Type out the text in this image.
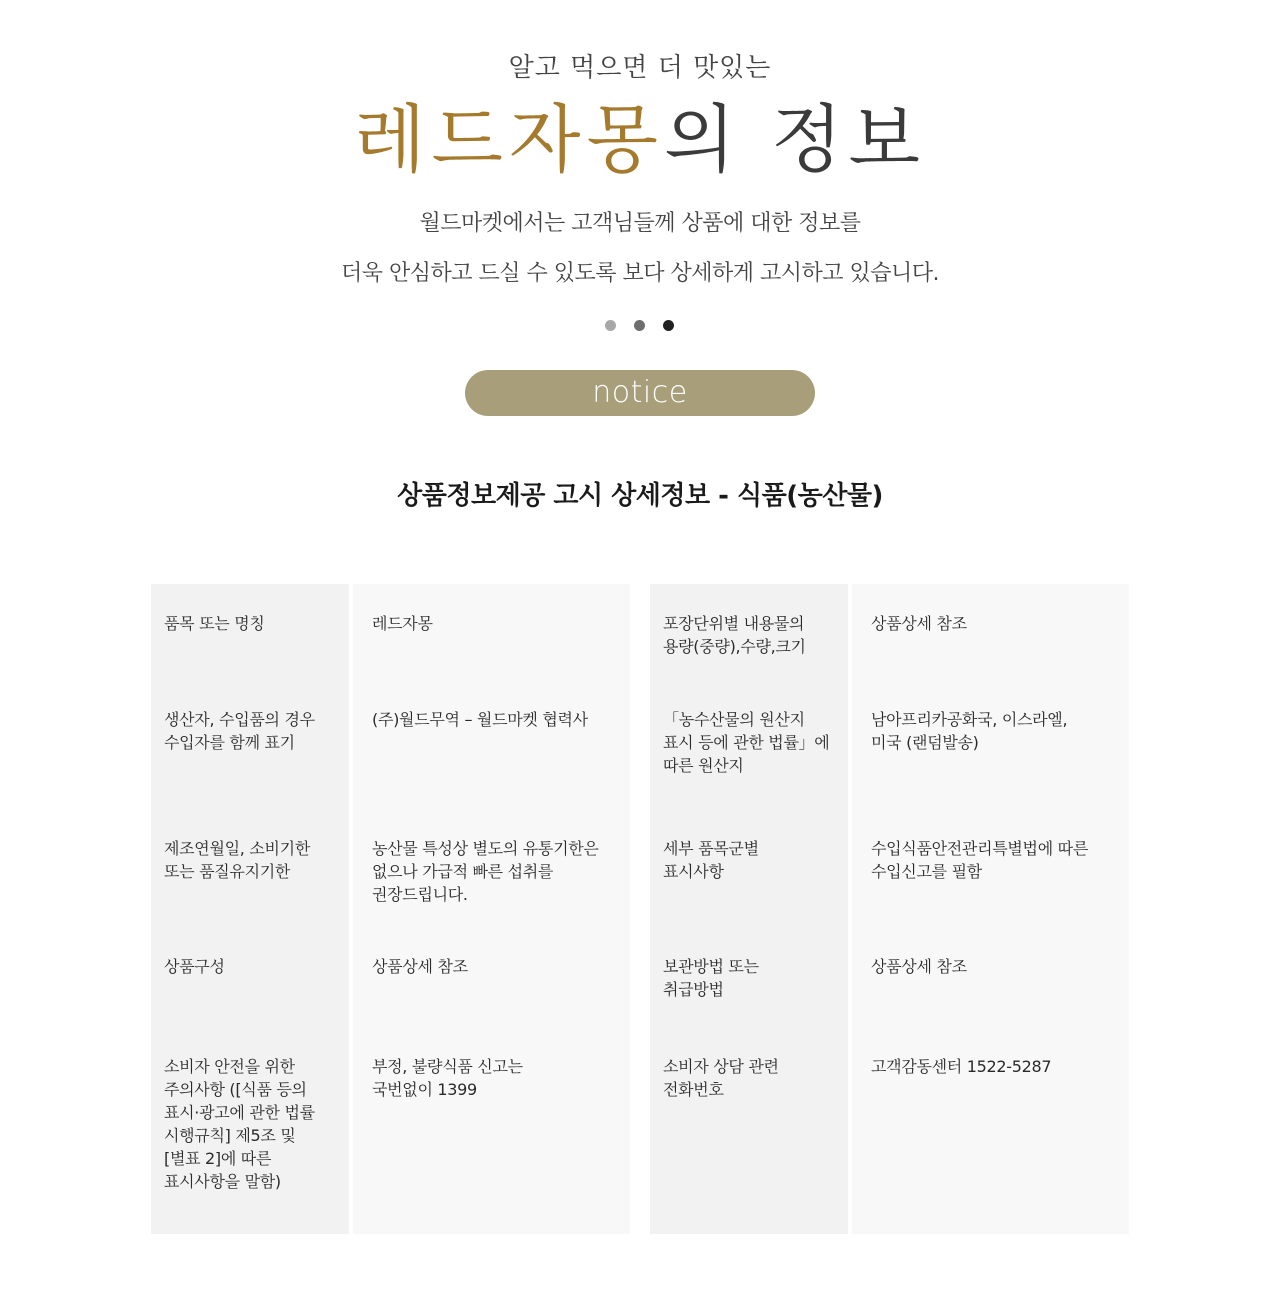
알고 먹으면 더 맛있는
레드자몽의 정보
월드마켓에서는 고객님들께 상품에 대한 정보를
더욱 안심하고 드실 수 있도록 보다 상세하게 고시하고 있습니다.
notice
상품정보제공 고시 상세정보 - 식품(농산물)
품목 또는 명칭
생산자, 수입품의 경우
수입자를 함께 표기
제조연월일, 소비기한
또는 품질유지기한
상품구성
소비자 안전을 위한
주의사항 ([식품 등의
표시·광고에 관한 법률
시행규칙] 제5조 및
[별표 2]에 따른
표시사항을 말함)
레드자몽
(주)월드무역 – 월드마켓 협력사
농산물 특성상 별도의 유통기한은
없으나 가급적 빠른 섭취를
권장드립니다.
상품상세 참조
부정, 불량식품 신고는
국번없이 1399
포장단위별 내용물의
용량(중량),수량,크기
「농수산물의 원산지
표시 등에 관한 법률」에
따른 원산지
세부 품목군별
표시사항
보관방법 또는
취급방법
소비자 상담 관련
전화번호
상품상세 참조
남아프리카공화국, 이스라엘,
미국 (랜덤발송)
수입식품안전관리특별법에 따른
수입신고를 필함
상품상세 참조
고객감동센터 1522-5287
